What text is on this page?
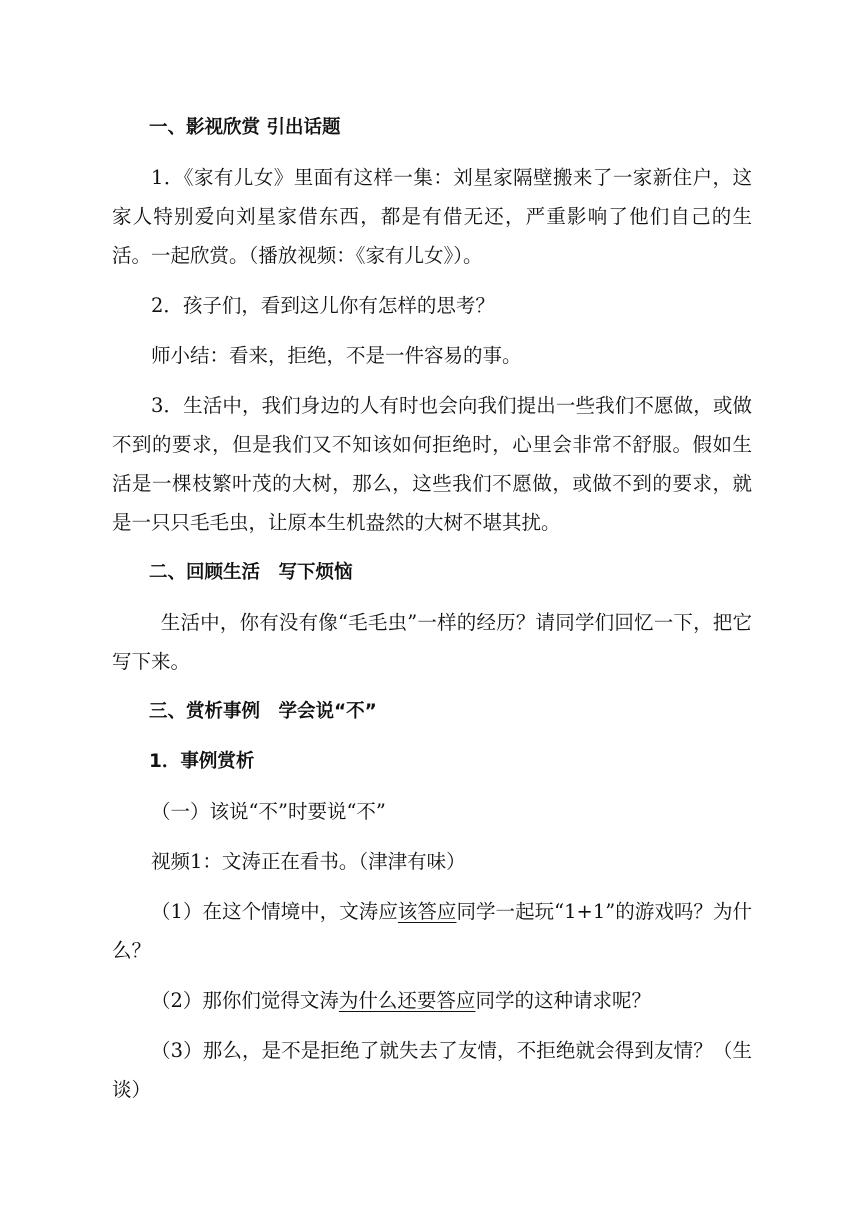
一、影视欣赏 引出话题

1．《家有儿女》里面有这样一集：刘星家隔壁搬来了一家新住户，这家人特别爱向刘星家借东西，都是有借无还，严重影响了他们自己的生活。一起欣赏。（播放视频：《家有儿女》）。

2．孩子们，看到这儿你有怎样的思考？

师小结：看来，拒绝，不是一件容易的事。

3．生活中，我们身边的人有时也会向我们提出一些我们不愿做，或做不到的要求，但是我们又不知该如何拒绝时，心里会非常不舒服。假如生活是一棵枝繁叶茂的大树，那么，这些我们不愿做，或做不到的要求，就是一只只毛毛虫，让原本生机盎然的大树不堪其扰。

二、回顾生活　写下烦恼

生活中，你有没有像“毛毛虫”一样的经历？请同学们回忆一下，把它写下来。

三、赏析事例　学会说“不”

1．事例赏析

（一）该说“不”时要说“不”

视频1：文涛正在看书。（津津有味）

（1）在这个情境中，文涛应该答应同学一起玩“1+1”的游戏吗？为什么？

（2）那你们觉得文涛为什么还要答应同学的这种请求呢？

（3）那么，是不是拒绝了就失去了友情，不拒绝就会得到友情？（生谈）
